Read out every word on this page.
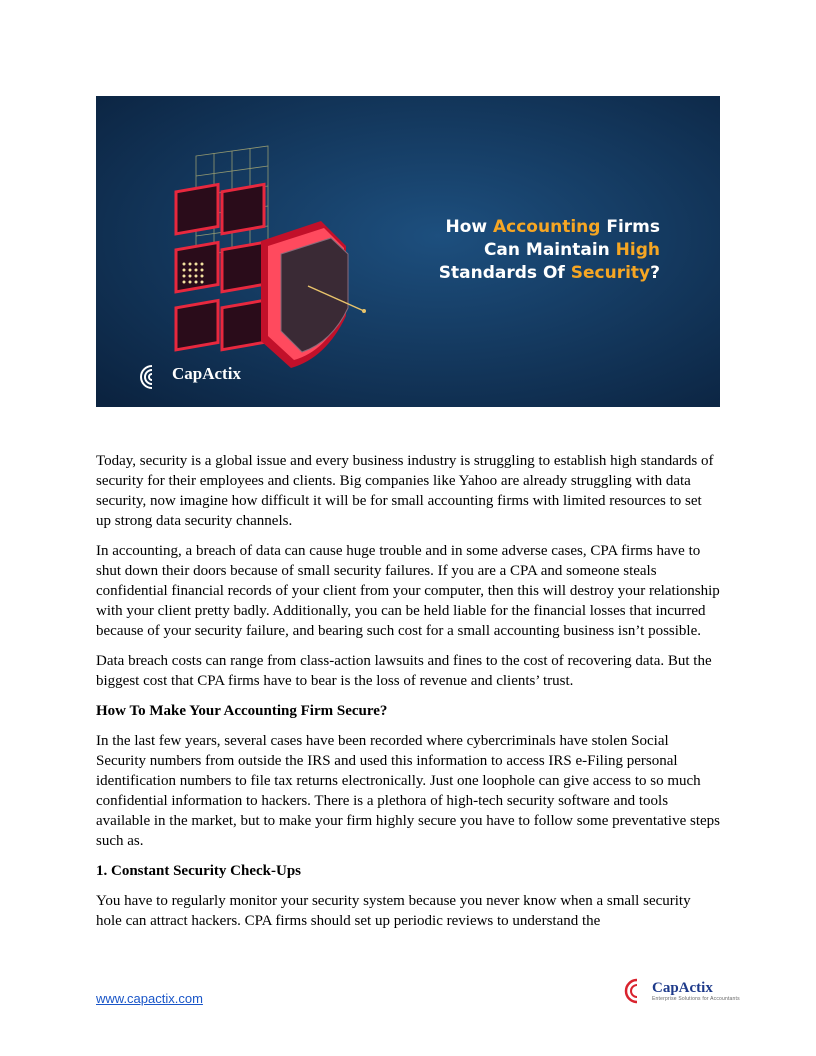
How Accounting Firms
Can Maintain High
Standards Of Security?
CapActix

Today, security is a global issue and every business industry is struggling to establish high standards of security for their employees and clients. Big companies like Yahoo are already struggling with data security, now imagine how difficult it will be for small accounting firms with limited resources to set up strong data security channels.

In accounting, a breach of data can cause huge trouble and in some adverse cases, CPA firms have to shut down their doors because of small security failures. If you are a CPA and someone steals confidential financial records of your client from your computer, then this will destroy your relationship with your client pretty badly. Additionally, you can be held liable for the financial losses that incurred because of your security failure, and bearing such cost for a small accounting business isn’t possible.

Data breach costs can range from class-action lawsuits and fines to the cost of recovering data. But the biggest cost that CPA firms have to bear is the loss of revenue and clients’ trust.

How To Make Your Accounting Firm Secure?

In the last few years, several cases have been recorded where cybercriminals have stolen Social Security numbers from outside the IRS and used this information to access IRS e-Filing personal identification numbers to file tax returns electronically. Just one loophole can give access to so much confidential information to hackers. There is a plethora of high-tech security software and tools available in the market, but to make your firm highly secure you have to follow some preventative steps such as.

1. Constant Security Check-Ups

You have to regularly monitor your security system because you never know when a small security hole can attract hackers. CPA firms should set up periodic reviews to understand the

www.capactix.com
CapActix
Enterprise Solutions for Accountants
